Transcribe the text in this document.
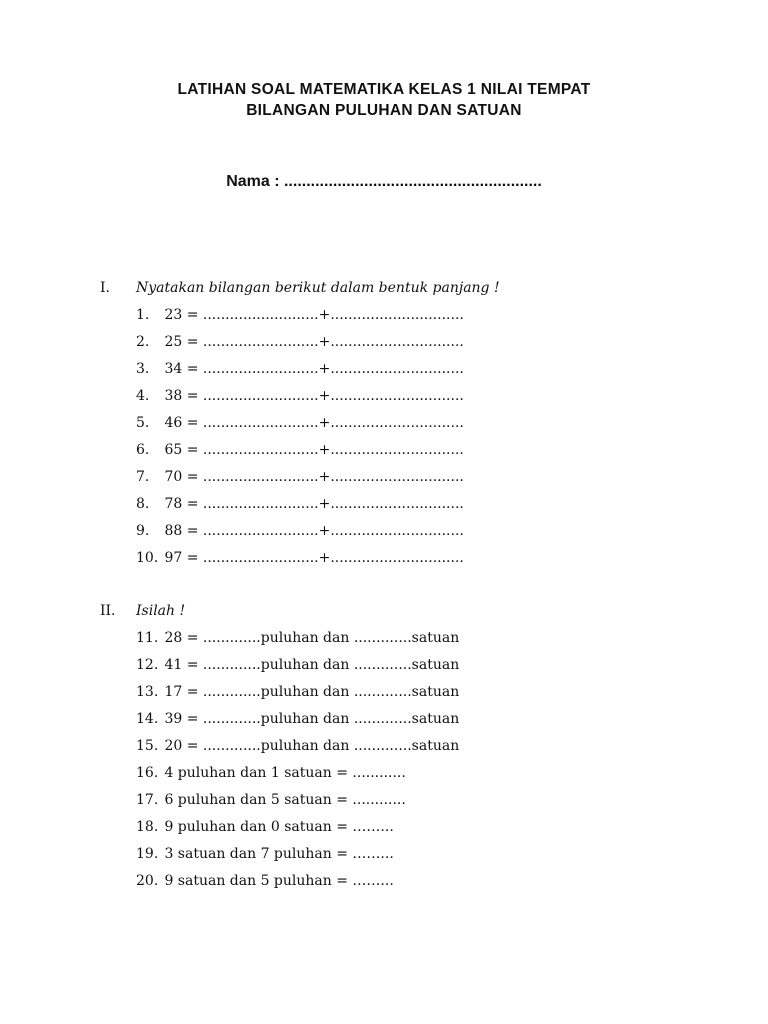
LATIHAN SOAL MATEMATIKA KELAS 1 NILAI TEMPAT
BILANGAN PULUHAN DAN SATUAN
Nama : ..........................................................
I. Nyatakan bilangan berikut dalam bentuk panjang !
1. 23 = ..........................+..............................
2. 25 = ..........................+..............................
3. 34 = ..........................+..............................
4. 38 = ..........................+..............................
5. 46 = ..........................+..............................
6. 65 = ..........................+..............................
7. 70 = ..........................+..............................
8. 78 = ..........................+..............................
9. 88 = ..........................+..............................
10. 97 = ..........................+..............................
II. Isilah !
11. 28 = .............puluhan dan .............satuan
12. 41 = .............puluhan dan .............satuan
13. 17 = .............puluhan dan .............satuan
14. 39 = .............puluhan dan .............satuan
15. 20 = .............puluhan dan .............satuan
16. 4 puluhan dan 1 satuan = ............
17. 6 puluhan dan 5 satuan = ............
18. 9 puluhan dan 0 satuan = ……...
19. 3 satuan dan 7 puluhan = ……...
20. 9 satuan dan 5 puluhan = ……...
